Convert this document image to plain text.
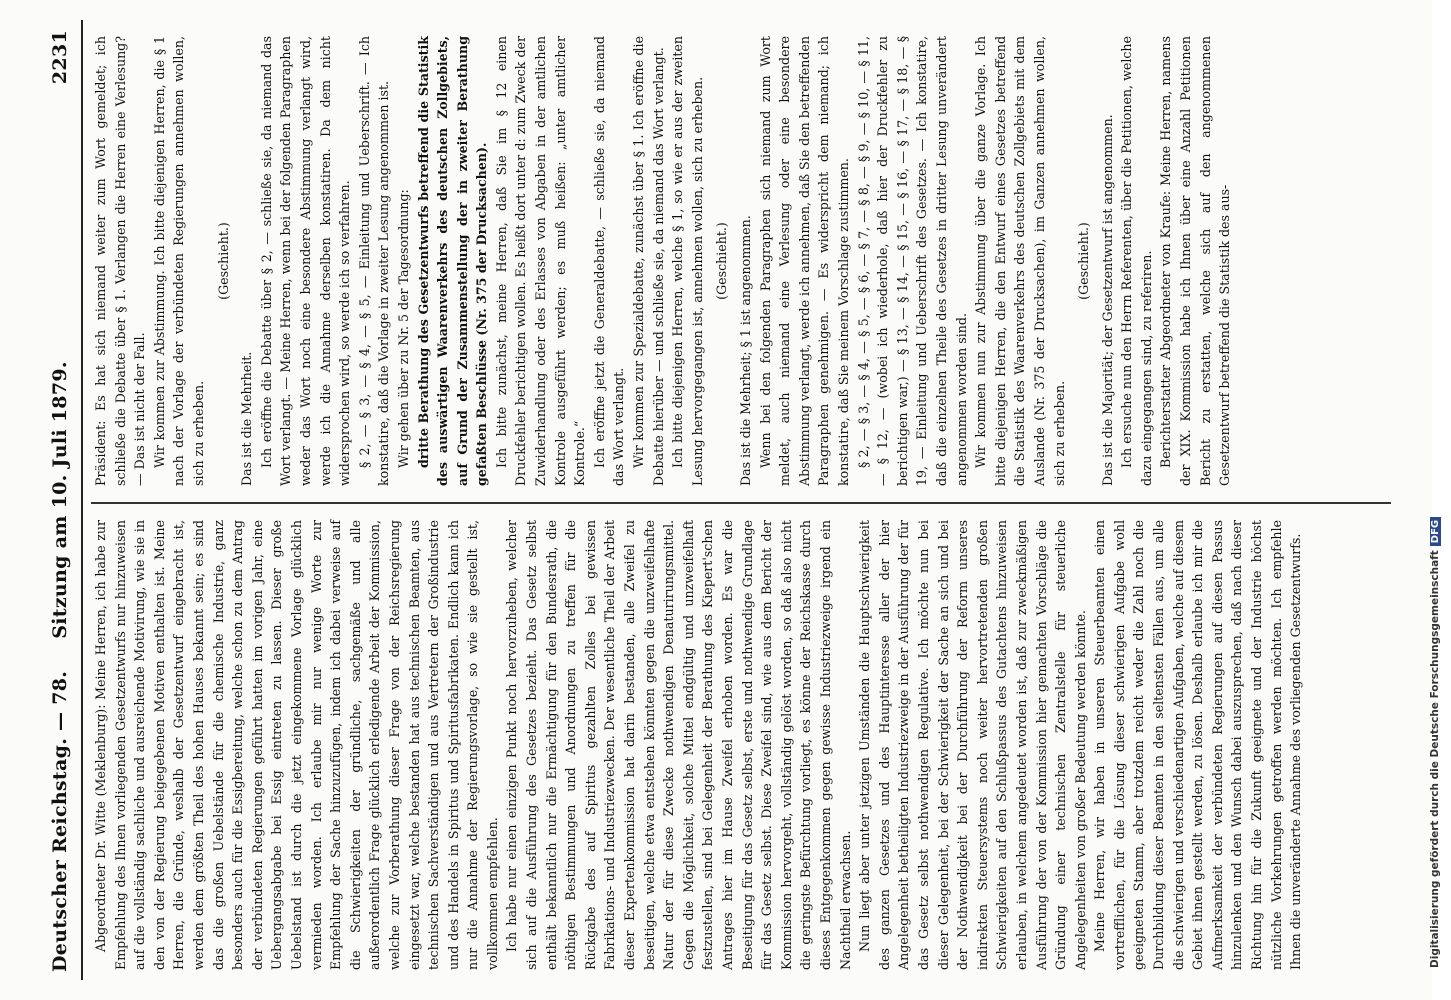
Deutscher Reichstag. — 78.
Sitzung am 10. Juli 1879.
2231

Abgeordneter Dr. Witte (Meklenburg): Meine Herren, ich habe zur Empfehlung des Ihnen vorliegenden Gesetzentwurfs nur hinzuweisen auf die vollständig sachliche und ausreichende Motivirung, wie sie in den von der Regierung beigegebenen Motiven enthalten ist. Meine Herren, die Gründe, weshalb der Gesetzentwurf eingebracht ist, werden dem größten Theil des hohen Hauses bekannt sein; es sind das die großen Uebelstände für die chemische Industrie, ganz besonders auch für die Essigbereitung, welche schon zu dem Antrag der verbündeten Regierungen geführt hatten im vorigen Jahr, eine Uebergangsabgabe bei Essig eintreten zu lassen. Dieser große Uebelstand ist durch die jetzt eingekommene Vorlage glücklich vermieden worden. Ich erlaube mir nur wenige Worte zur Empfehlung der Sache hinzuzufügen, indem ich dabei verweise auf die Schwierigkeiten der gründliche, sachgemäße und alle außerordentlich Frage glücklich erledigende Arbeit der Kommission, welche zur Vorberathung dieser Frage von der Reichsregierung eingesetzt war, welche bestanden hat aus technischen Beamten, aus technischen Sachverständigen und aus Vertretern der Großindustrie und des Handels in Spiritus und Spiritusfabrikaten. Endlich kann ich nur die Annahme der Regierungsvorlage, so wie sie gestellt ist, vollkommen empfehlen. Ich habe nur einen einzigen Punkt noch hervorzuheben, welcher sich auf die Ausführung des Gesetzes bezieht. Das Gesetz selbst enthält bekanntlich nur die Ermächtigung für den Bundesrath, die nöthigen Bestimmungen und Anordnungen zu treffen für die Rückgabe des auf Spiritus gezahlten Zolles bei gewissen Fabrikations- und Industriezwecken. Der wesentliche Theil der Arbeit dieser Expertenkommission hat darin bestanden, alle Zweifel zu beseitigen, welche etwa entstehen könnten gegen die unzweifelhafte Natur der für diese Zwecke nothwendigen Denaturirungsmittel. Gegen die Möglichkeit, solche Mittel endgültig und unzweifelhaft festzustellen, sind bei Gelegenheit der Berathung des Kiepert'schen Antrages hier im Hause Zweifel erhoben worden. Es war die Beseitigung für das Gesetz selbst, erste und nothwendige Grundlage für das Gesetz selbst. Diese Zweifel sind, wie aus dem Bericht der Kommission hervorgeht, vollständig gelöst worden, so daß also nicht die geringste Befürchtung vorliegt, es könne der Reichskasse durch dieses Entgegenkommen gegen gewisse Industriezweige irgend ein Nachtheil erwachsen. Nun liegt aber unter jetzigen Umständen die Hauptschwierigkeit des ganzen Gesetzes und des Hauptinteresse aller der hier Angelegenheit betheiligten Industriezweige in der Ausführung der für das Gesetz selbst nothwendigen Regulative. Ich möchte nun bei dieser Gelegenheit, bei der Schwierigkeit der Sache an sich und bei der Nothwendigkeit bei der Durchführung der Reform unseres indirekten Steuersystems noch weiter hervortretenden großen Schwierigkeiten auf den Schlußpassus des Gutachtens hinzuweisen erlauben, in welchem angedeutet worden ist, daß zur zweckmäßigen Ausführung der von der Kommission hier gemachten Vorschläge die Gründung einer technischen Zentralstelle für steuerliche Angelegenheiten von großer Bedeutung werden könnte. Meine Herren, wir haben in unseren Steuerbeamten einen vortrefflichen, für die Lösung dieser schwierigen Aufgabe wohl geeigneten Stamm, aber trotzdem reicht weder die Zahl noch die Durchbildung dieser Beamten in den seltensten Fällen aus, um alle die schwierigen und verschiedenartigen Aufgaben, welche auf diesem Gebiet ihnen gestellt werden, zu lösen. Deshalb erlaube ich mir die Aufmerksamkeit der verbündeten Regierungen auf diesen Passus hinzulenken und den Wunsch dabei auszusprechen, daß nach dieser Richtung hin für die Zukunft geeignete und der Industrie höchst nützliche Vorkehrungen getroffen werden möchten. Ich empfehle Ihnen die unveränderte Annahme des vorliegenden Gesetzentwurfs.

Präsident: Es hat sich niemand weiter zum Wort gemeldet; ich schließe die Debatte über § 1. Verlangen die Herren eine Verlesung? — Das ist nicht der Fall. Wir kommen zur Abstimmung. Ich bitte diejenigen Herren, die § 1 nach der Vorlage der verbündeten Regierungen annehmen wollen, sich zu erheben.

(Geschieht.)

Das ist die Mehrheit. Ich eröffne die Debatte über § 2, — schließe sie, da niemand das Wort verlangt. — Meine Herren, wenn bei der folgenden Paragraphen weder das Wort noch eine besondere Abstimmung verlangt wird, werde ich die Annahme derselben konstatiren. Da dem nicht widersprochen wird, so werde ich so verfahren. § 2, — § 3, — § 4, — § 5, — Einleitung und Ueberschrift. — Ich konstatire, daß die Vorlage in zweiter Lesung angenommen ist. Wir gehen über zu Nr. 5 der Tagesordnung: dritte Berathung des Gesetzentwurfs betreffend die Statistik des auswärtigen Waarenverkehrs des deutschen Zollgebiets, auf Grund der Zusammenstellung der in zweiter Berathung gefaßten Beschlüsse (Nr. 375 der Drucksachen). Ich bitte zunächst, meine Herren, daß Sie im § 12 einen Druckfehler berichtigen wollen. Es heißt dort unter d: zum Zweck der Zuwiderhandlung oder des Erlasses von Abgaben in der amtlichen Kontrole ausgeführt werden; es muß heißen: „unter amtlicher Kontrole.“ Ich eröffne jetzt die Generaldebatte, — schließe sie, da niemand das Wort verlangt. Wir kommen zur Spezialdebatte, zunächst über § 1. Ich eröffne die Debatte hierüber — und schließe sie, da niemand das Wort verlangt. Ich bitte diejenigen Herren, welche § 1, so wie er aus der zweiten Lesung hervorgegangen ist, annehmen wollen, sich zu erheben. (Geschieht.) Das ist die Mehrheit; § 1 ist angenommen. Wenn bei den folgenden Paragraphen sich niemand zum Wort meldet, auch niemand eine Verlesung oder eine besondere Abstimmung verlangt, werde ich annehmen, daß Sie den betreffenden Paragraphen genehmigen. — Es widerspricht dem niemand; ich konstatire, daß Sie meinem Vorschlage zustimmen. § 2, — § 3, — § 4, — § 5, — § 6, — § 7, — § 8, — § 9, — § 10, — § 11, — § 12, — (wobei ich wiederhole, daß hier der Druckfehler zu berichtigen war,) — § 13, — § 14, — § 15, — § 16, — § 17, — § 18, — § 19, — Einleitung und Ueberschrift des Gesetzes. — Ich konstatire, daß die einzelnen Theile des Gesetzes in dritter Lesung unverändert angenommen worden sind. Wir kommen nun zur Abstimmung über die ganze Vorlage. Ich bitte diejenigen Herren, die den Entwurf eines Gesetzes betreffend die Statistik des Waarenverkehrs des deutschen Zollgebiets mit dem Auslande (Nr. 375 der Drucksachen), im Ganzen annehmen wollen, sich zu erheben.

(Geschieht.) Das ist die Majorität; der Gesetzentwurf ist angenommen. Ich ersuche nun den Herrn Referenten, über die Petitionen, welche dazu eingegangen sind, zu referiren. Berichterstatter Abgeordneter von Kraufe: Meine Herren, namens der XIX. Kommission habe ich Ihnen über eine Anzahl Petitionen Bericht zu erstatten, welche sich auf den angenommenen Gesetzentwurf betreffend die Statistik des aus-

Digitalisierung gefördert durch die Deutsche ForschungsgemeinschaftDFG
